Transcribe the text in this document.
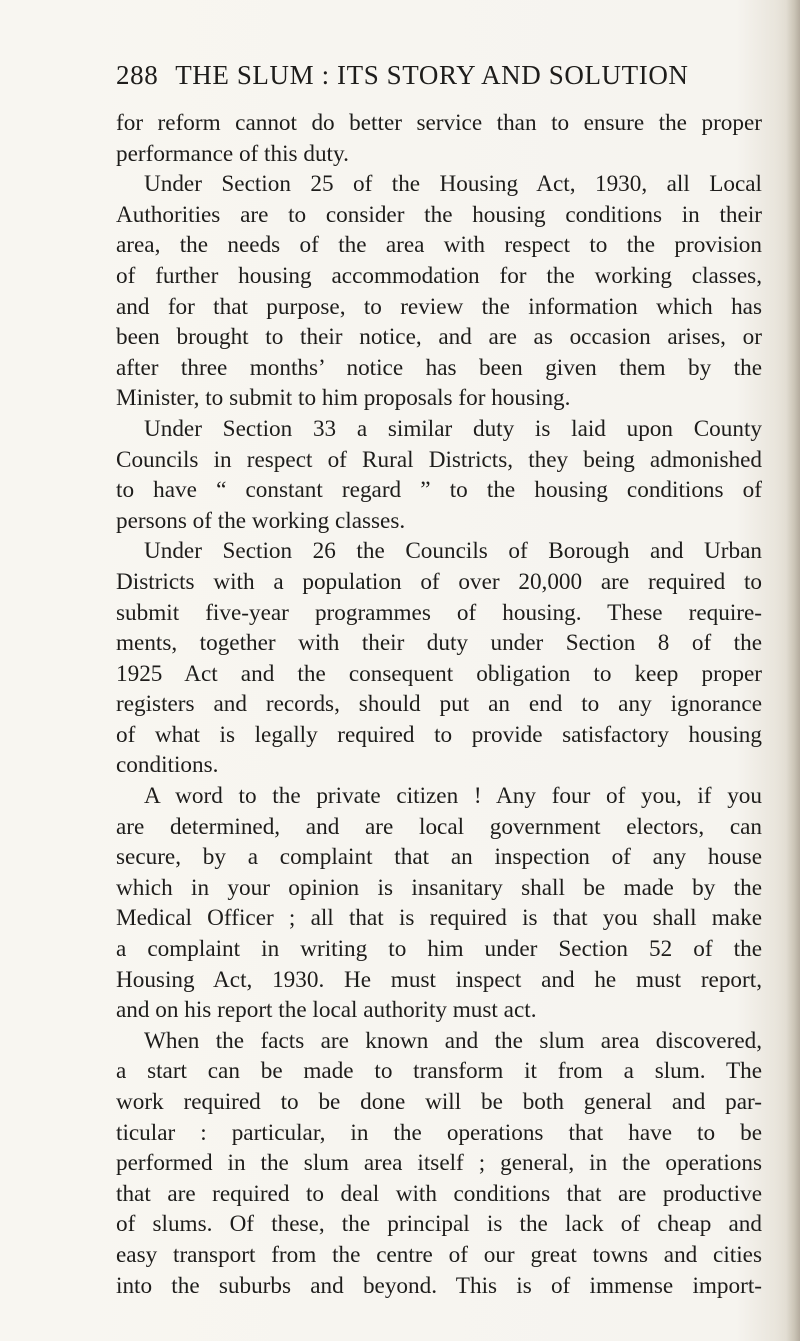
288 THE SLUM : ITS STORY AND SOLUTION
for reform cannot do better service than to ensure the proper
performance of this duty.
Under Section 25 of the Housing Act, 1930, all Local
Authorities are to consider the housing conditions in their
area, the needs of the area with respect to the provision
of further housing accommodation for the working classes,
and for that purpose, to review the information which has
been brought to their notice, and are as occasion arises, or
after three months’ notice has been given them by the
Minister, to submit to him proposals for housing.
Under Section 33 a similar duty is laid upon County
Councils in respect of Rural Districts, they being admonished
to have “ constant regard ” to the housing conditions of
persons of the working classes.
Under Section 26 the Councils of Borough and Urban
Districts with a population of over 20,000 are required to
submit five-year programmes of housing. These require-
ments, together with their duty under Section 8 of the
1925 Act and the consequent obligation to keep proper
registers and records, should put an end to any ignorance
of what is legally required to provide satisfactory housing
conditions.
A word to the private citizen ! Any four of you, if you
are determined, and are local government electors, can
secure, by a complaint that an inspection of any house
which in your opinion is insanitary shall be made by the
Medical Officer ; all that is required is that you shall make
a complaint in writing to him under Section 52 of the
Housing Act, 1930. He must inspect and he must report,
and on his report the local authority must act.
When the facts are known and the slum area discovered,
a start can be made to transform it from a slum. The
work required to be done will be both general and par-
ticular : particular, in the operations that have to be
performed in the slum area itself ; general, in the operations
that are required to deal with conditions that are productive
of slums. Of these, the principal is the lack of cheap and
easy transport from the centre of our great towns and cities
into the suburbs and beyond. This is of immense import-
